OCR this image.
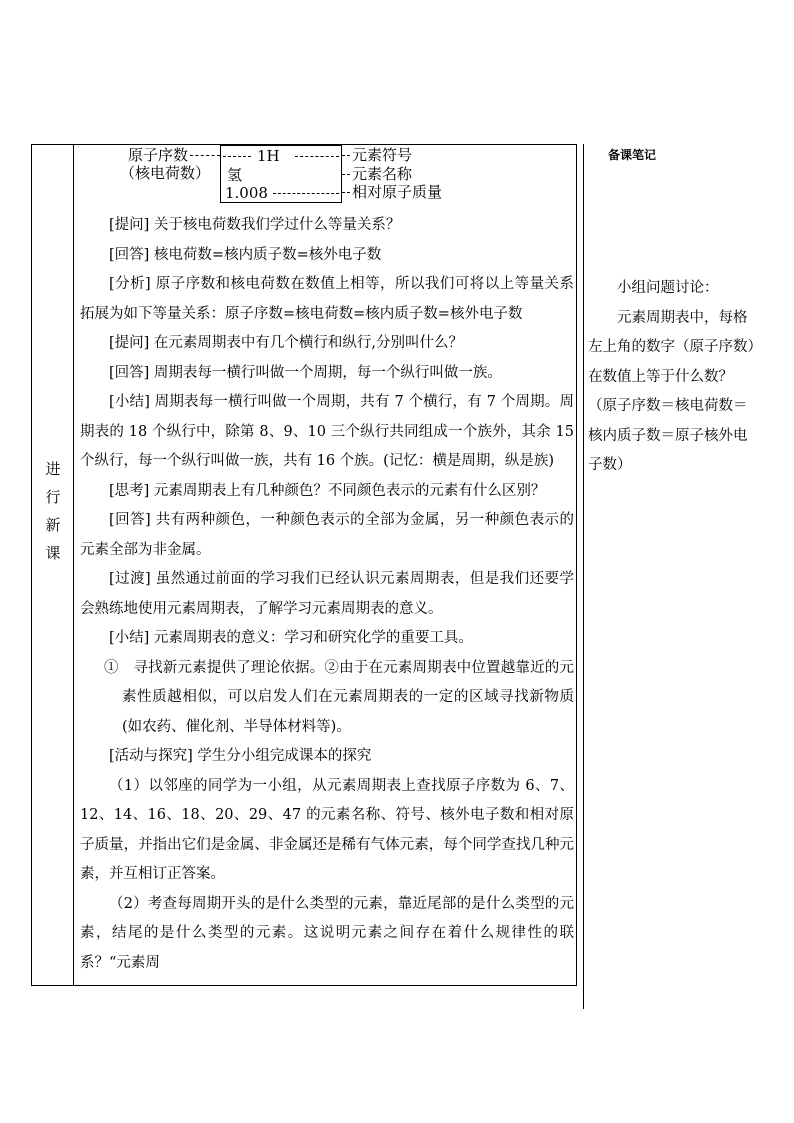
进
行
新
课
原子序数
（核电荷数）
1H
氢
1.008
元素符号
元素名称
相对原子质量

[提问] 关于核电荷数我们学过什么等量关系？

[回答] 核电荷数=核内质子数=核外电子数

[分析] 原子序数和核电荷数在数值上相等，所以我们可将以上等量关系拓展为如下等量关系：原子序数=核电荷数=核内质子数=核外电子数

[提问] 在元素周期表中有几个横行和纵行,分别叫什么？

[回答] 周期表每一横行叫做一个周期，每一个纵行叫做一族。

[小结] 周期表每一横行叫做一个周期，共有 7 个横行，有 7 个周期。周期表的 18 个纵行中，除第 8、9、10 三个纵行共同组成一个族外，其余 15 个纵行，每一个纵行叫做一族，共有 16 个族。(记忆：横是周期，纵是族)

[思考] 元素周期表上有几种颜色？不同颜色表示的元素有什么区别？

[回答] 共有两种颜色，一种颜色表示的全部为金属，另一种颜色表示的元素全部为非金属。

[过渡] 虽然通过前面的学习我们已经认识元素周期表，但是我们还要学会熟练地使用元素周期表，了解学习元素周期表的意义。

[小结] 元素周期表的意义：学习和研究化学的重要工具。

①　寻找新元素提供了理论依据。②由于在元素周期表中位置越靠近的元素性质越相似，可以启发人们在元素周期表的一定的区域寻找新物质(如农药、催化剂、半导体材料等)。

[活动与探究] 学生分小组完成课本的探究

（1）以邻座的同学为一小组，从元素周期表上查找原子序数为 6、7、12、14、16、18、20、29、47 的元素名称、符号、核外电子数和相对原子质量，并指出它们是金属、非金属还是稀有气体元素，每个同学查找几种元素，并互相订正答案。

（2）考查每周期开头的是什么类型的元素，靠近尾部的是什么类型的元素，结尾的是什么类型的元素。这说明元素之间存在着什么规律性的联系？“元素周

备课笔记

小组问题讨论：

元素周期表中，每格左上角的数字（原子序数）在数值上等于什么数？（原子序数＝核电荷数＝核内质子数＝原子核外电子数）
